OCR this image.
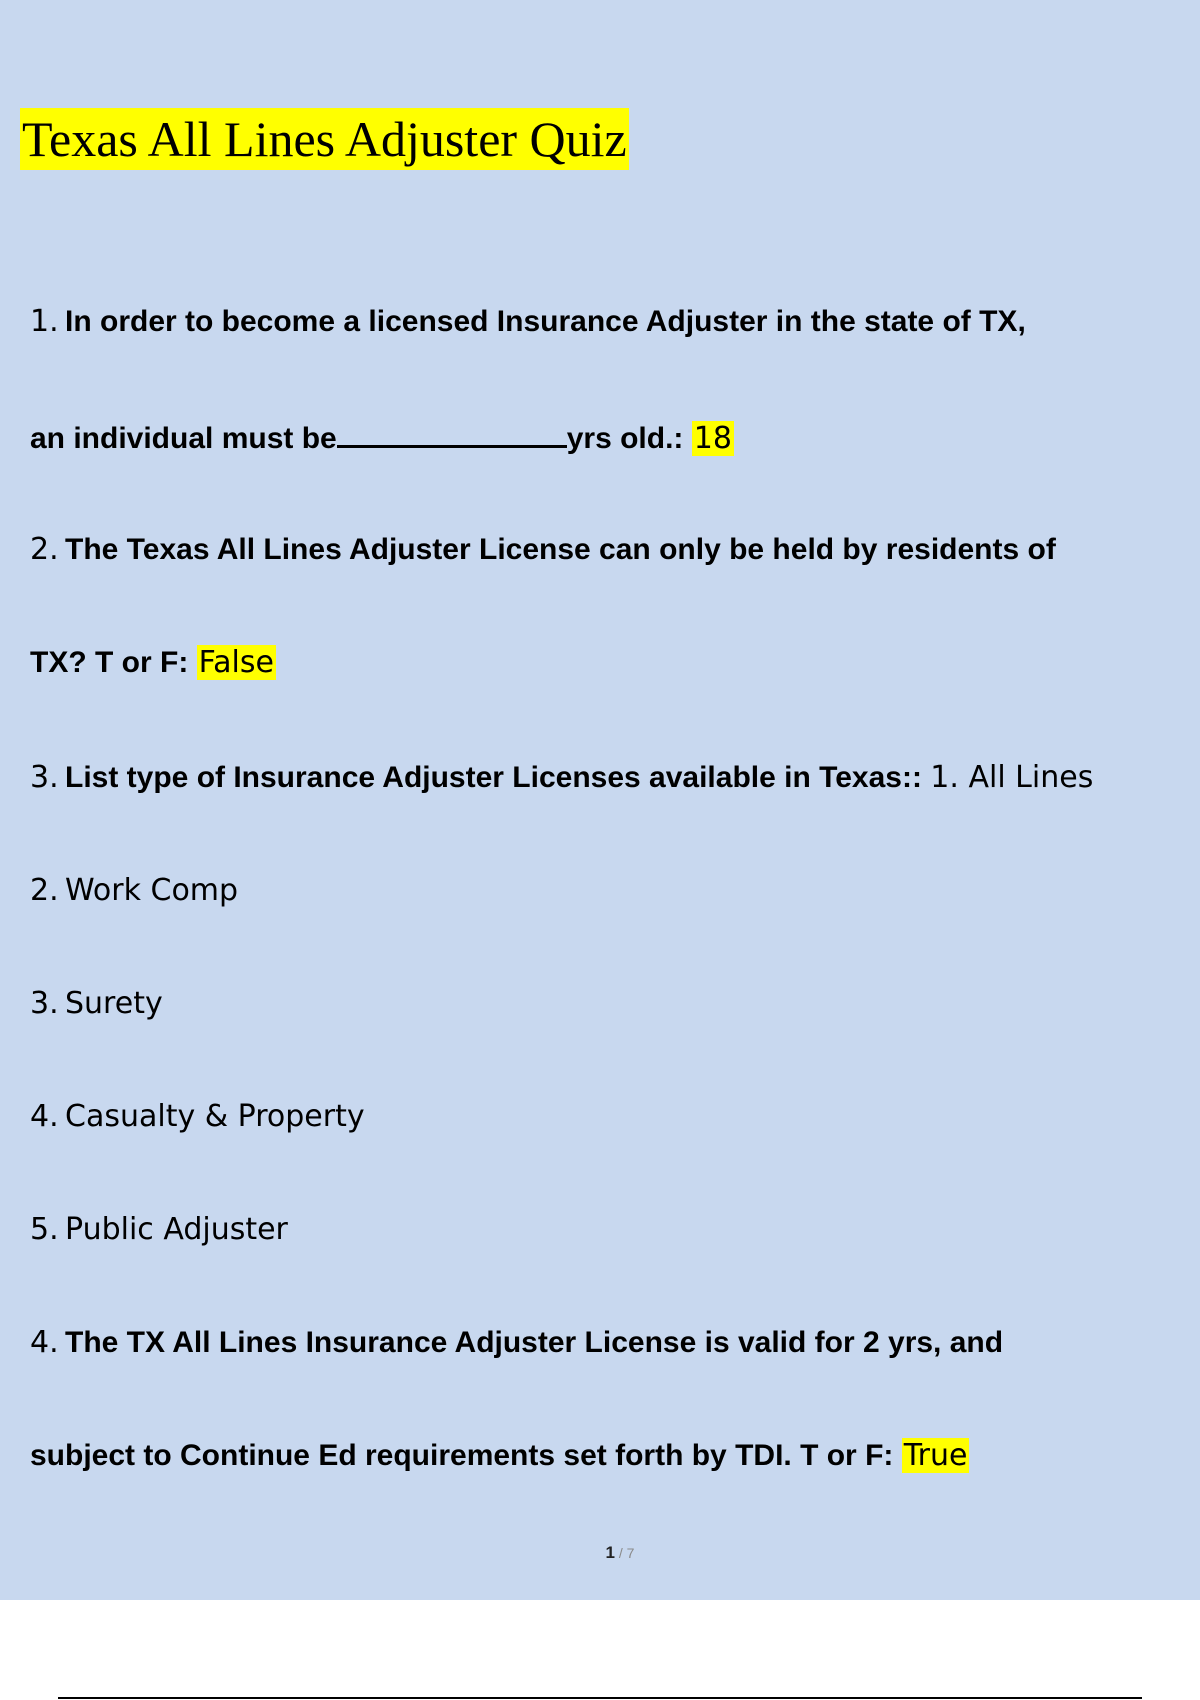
Texas All Lines Adjuster Quiz
1. In order to become a licensed Insurance Adjuster in the state of TX,
an individual must be	yrs old.: 18
2. The Texas All Lines Adjuster License can only be held by residents of
TX? T or F: False
3. List type of Insurance Adjuster Licenses available in Texas:: 1. All Lines
2. Work Comp
3. Surety
4. Casualty & Property
5. Public Adjuster
4. The TX All Lines Insurance Adjuster License is valid for 2 yrs, and
subject to Continue Ed requirements set forth by TDI. T or F: True
1 / 7
